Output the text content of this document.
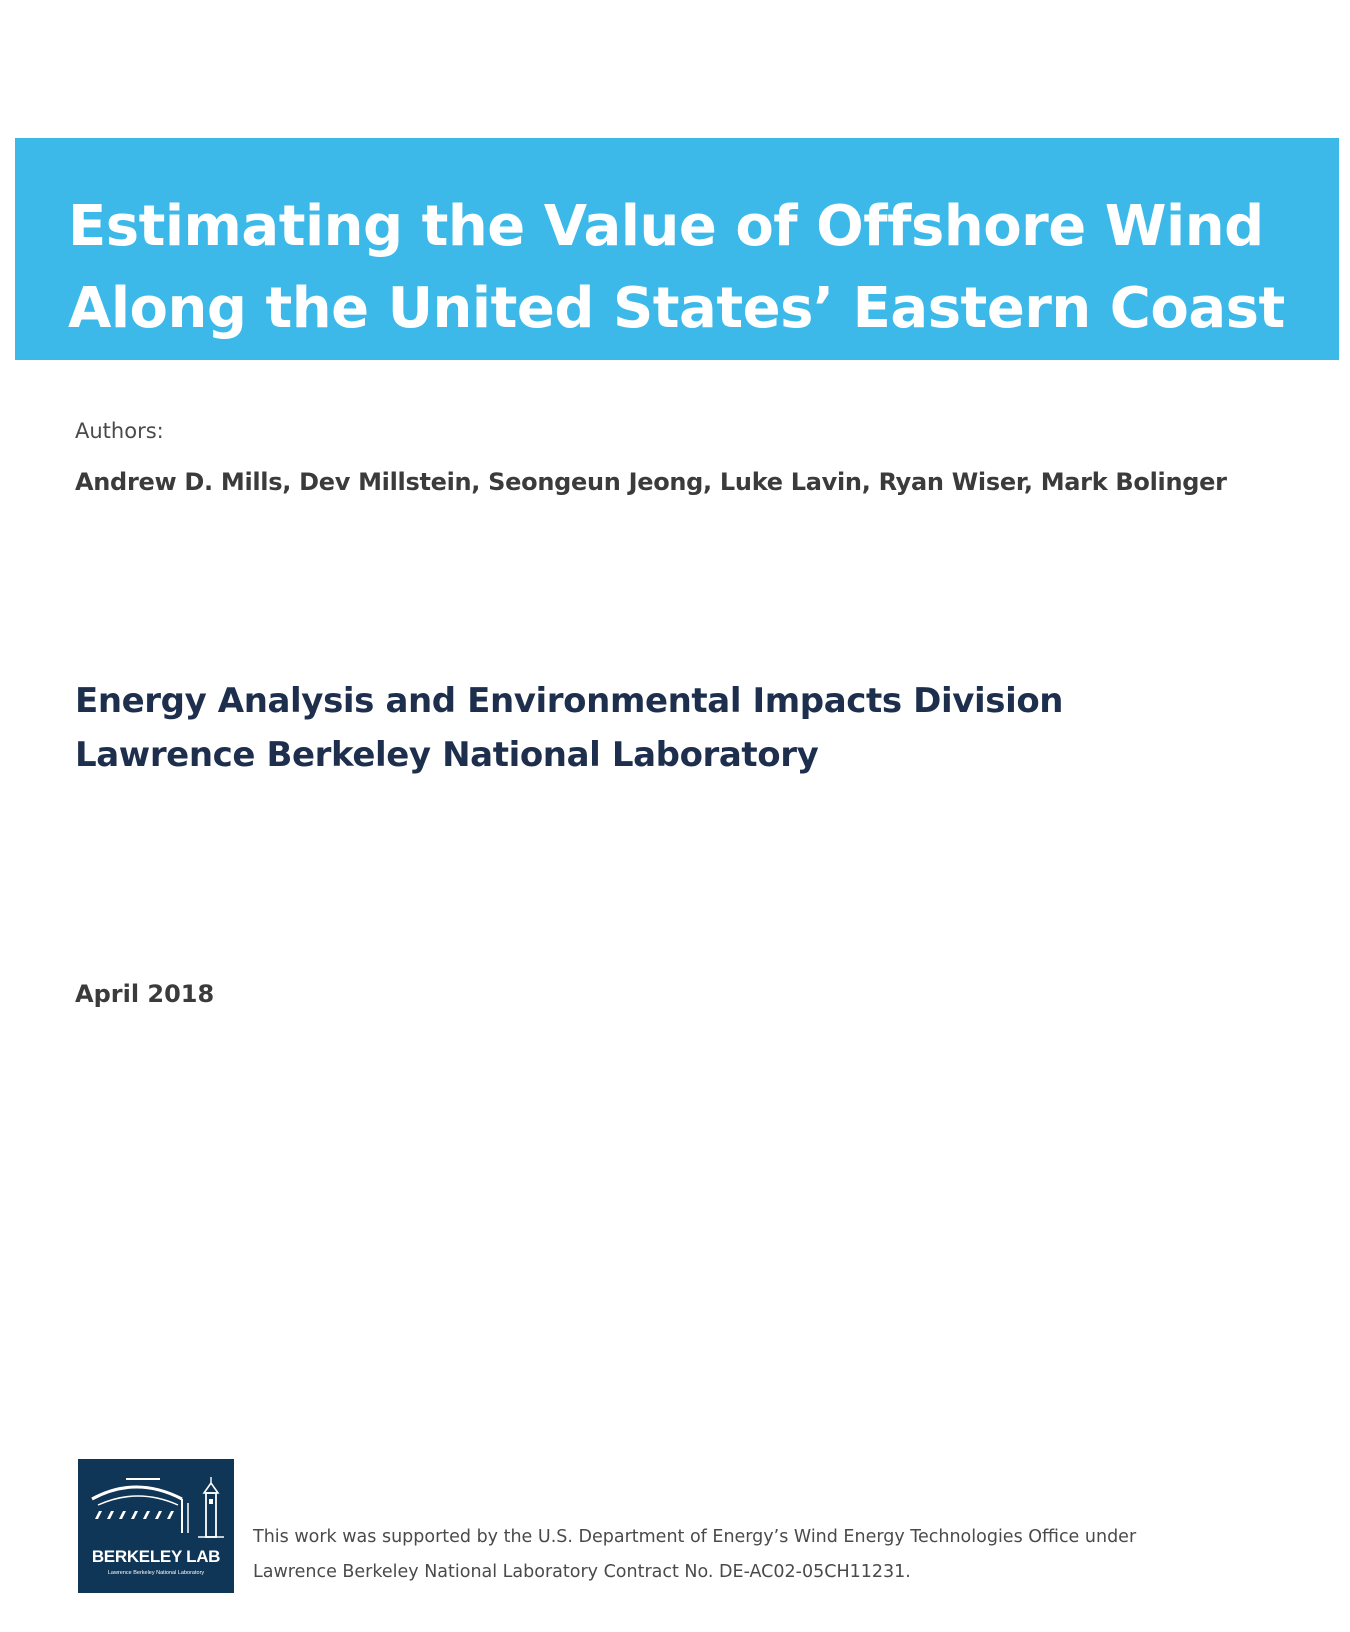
Estimating the Value of Offshore Wind
Along the United States’ Eastern Coast
Authors:
Andrew D. Mills, Dev Millstein, Seongeun Jeong, Luke Lavin, Ryan Wiser, Mark Bolinger
Energy Analysis and Environmental Impacts Division
Lawrence Berkeley National Laboratory
April 2018
BERKELEY LAB
Lawrence Berkeley National Laboratory
This work was supported by the U.S. Department of Energy’s Wind Energy Technologies Office under
Lawrence Berkeley National Laboratory Contract No. DE-AC02-05CH11231.
